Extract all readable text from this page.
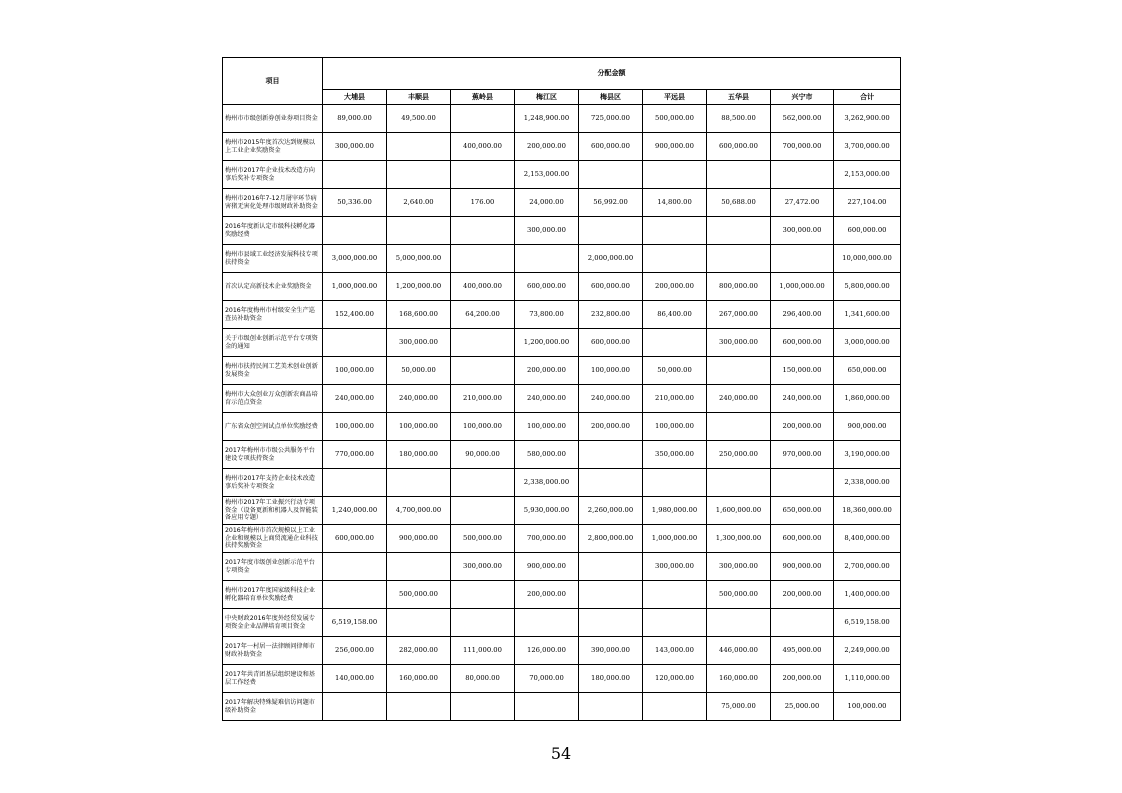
项目	分配金额								
	大埔县	丰顺县	蕉岭县	梅江区	梅县区	平远县	五华县	兴宁市	合计
梅州市市级创新券创业券项目资金	89,000.00	49,500.00		1,248,900.00	725,000.00	500,000.00	88,500.00	562,000.00	3,262,900.00
梅州市2015年度首次达到规模以上工业企业奖励资金	300,000.00		400,000.00	200,000.00	600,000.00	900,000.00	600,000.00	700,000.00	3,700,000.00
梅州市2017年企业技术改造方向事后奖补专项资金				2,153,000.00					2,153,000.00
梅州市2016年7-12月屠宰环节病害猪无害化处理市级财政补助资金	50,336.00	2,640.00	176.00	24,000.00	56,992.00	14,800.00	50,688.00	27,472.00	227,104.00
2016年度新认定市级科技孵化器奖励经费				300,000.00				300,000.00	600,000.00
梅州市县域工业经济发展科技专项扶持资金	3,000,000.00	5,000,000.00			2,000,000.00				10,000,000.00
首次认定高新技术企业奖励资金	1,000,000.00	1,200,000.00	400,000.00	600,000.00	600,000.00	200,000.00	800,000.00	1,000,000.00	5,800,000.00
2016年度梅州市村级安全生产巡查员补助资金	152,400.00	168,600.00	64,200.00	73,800.00	232,800.00	86,400.00	267,000.00	296,400.00	1,341,600.00
关于市级创业创新示范平台专项资金的通知		300,000.00		1,200,000.00	600,000.00		300,000.00	600,000.00	3,000,000.00
梅州市扶持民间工艺美术创业创新发展资金	100,000.00	50,000.00		200,000.00	100,000.00	50,000.00		150,000.00	650,000.00
梅州市大众创业万众创新农商品培育示范点资金	240,000.00	240,000.00	210,000.00	240,000.00	240,000.00	210,000.00	240,000.00	240,000.00	1,860,000.00
广东省众创空间试点单位奖励经费	100,000.00	100,000.00	100,000.00	100,000.00	200,000.00	100,000.00		200,000.00	900,000.00
2017年梅州市市级公共服务平台建设专项扶持资金	770,000.00	180,000.00	90,000.00	580,000.00		350,000.00	250,000.00	970,000.00	3,190,000.00
梅州市2017年支持企业技术改造事后奖补专项资金				2,338,000.00					2,338,000.00
梅州市2017年工业振兴行动专项资金（设备更新和机器人及智能装备应用专题）	1,240,000.00	4,700,000.00		5,930,000.00	2,260,000.00	1,980,000.00	1,600,000.00	650,000.00	18,360,000.00
2016年梅州市首次规模以上工业企业和规模以上商贸流通企业科技扶持奖励资金	600,000.00	900,000.00	500,000.00	700,000.00	2,800,000.00	1,000,000.00	1,300,000.00	600,000.00	8,400,000.00
2017年度市级创业创新示范平台专项资金			300,000.00	900,000.00		300,000.00	300,000.00	900,000.00	2,700,000.00
梅州市2017年度国家级科技企业孵化器培育单位奖励经费		500,000.00		200,000.00			500,000.00	200,000.00	1,400,000.00
中央财政2016年度外经贸发展专项资金企业品牌培育项目资金	6,519,158.00								6,519,158.00
2017年一村居一法律顾问律师市财政补助资金	256,000.00	282,000.00	111,000.00	126,000.00	390,000.00	143,000.00	446,000.00	495,000.00	2,249,000.00
2017年共青团基层组织建设和基层工作经费	140,000.00	160,000.00	80,000.00	70,000.00	180,000.00	120,000.00	160,000.00	200,000.00	1,110,000.00
2017年解决特殊疑难信访问题市级补助资金							75,000.00	25,000.00	100,000.00
54
